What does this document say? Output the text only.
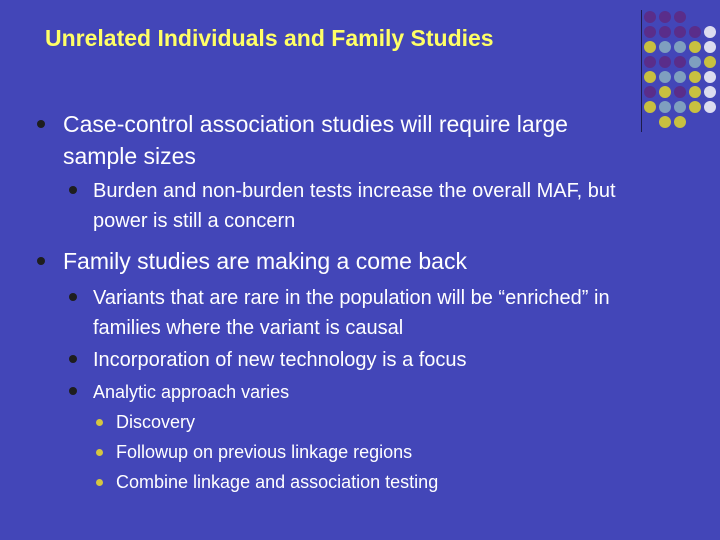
Unrelated Individuals and Family Studies
Case-control association studies will require large sample sizes
Burden and non-burden tests increase the overall MAF, but power is still a concern
Family studies are making a come back
Variants that are rare in the population will be “enriched” in families where the variant is causal
Incorporation of new technology is a focus
Analytic approach varies
Discovery
Followup on previous linkage regions
Combine linkage and association testing
